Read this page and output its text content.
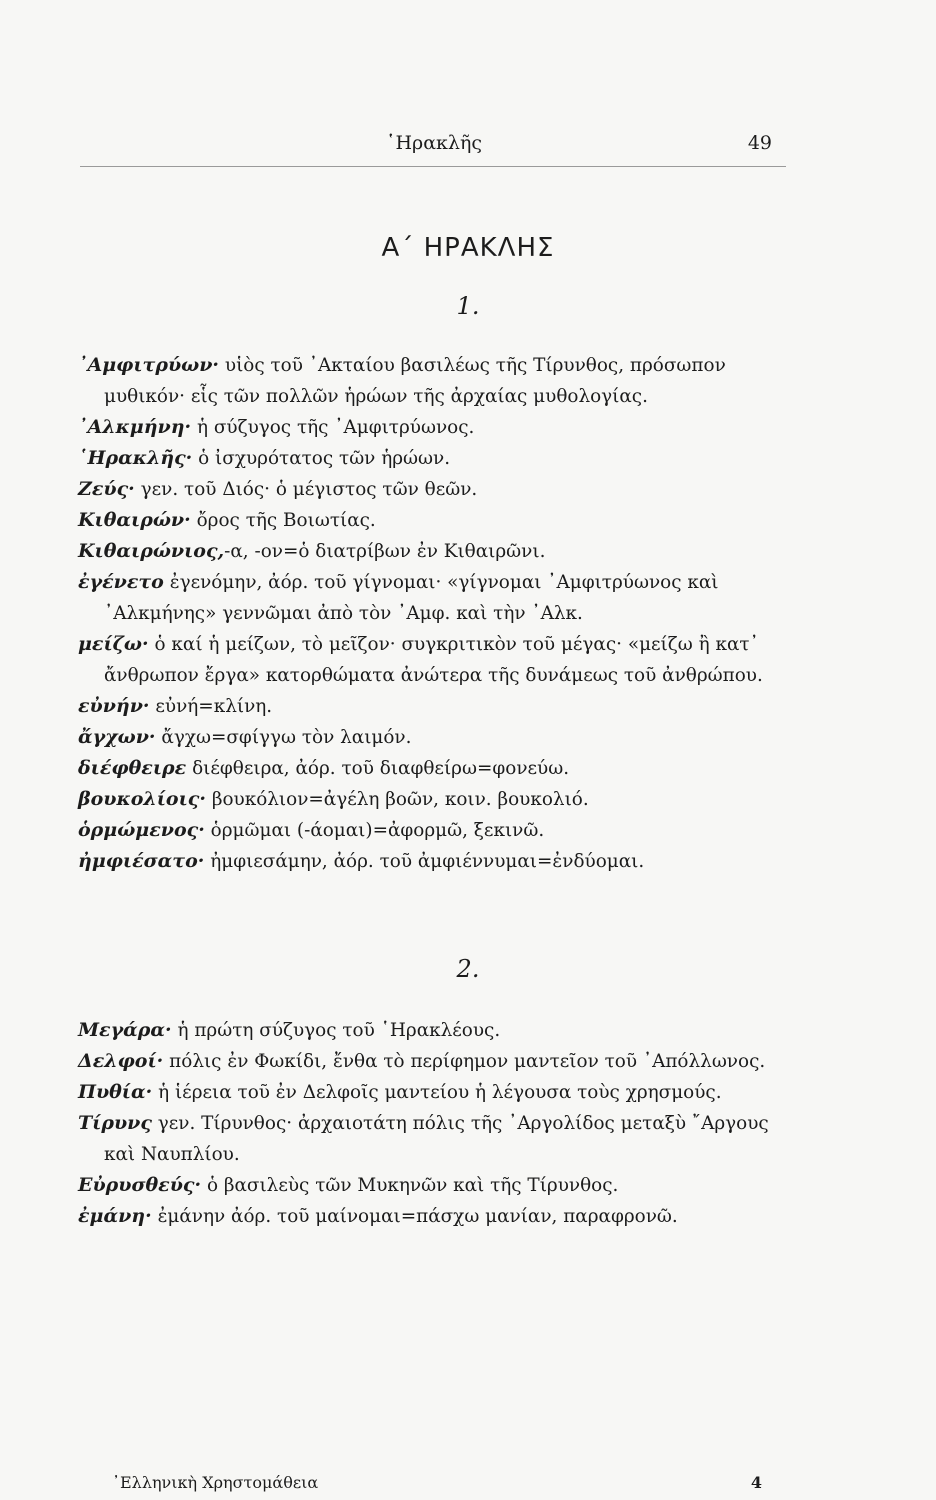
῾Ηρακλῆς	49
Α΄ ΗΡΑΚΛΗΣ
1.

᾿Αμφιτρύων· υἱὸς τοῦ ᾿Ακταίου βασιλέως τῆς Τίρυνθος, πρόσωπον μυθικόν· εἷς τῶν πολλῶν ἡρώων τῆς ἀρχαίας μυθολογίας.

᾿Αλκμήνη· ἡ σύζυγος τῆς ᾿Αμφιτρύωνος.

῾Ηρακλῆς· ὁ ἰσχυρότατος τῶν ἡρώων.

Ζεύς· γεν. τοῦ Διός· ὁ μέγιστος τῶν θεῶν.

Κιθαιρών· ὄρος τῆς Βοιωτίας.

Κιθαιρώνιος,-α, -ον=ὁ διατρίβων ἐν Κιθαιρῶνι.

ἐγένετο ἐγενόμην, ἀόρ. τοῦ γίγνομαι· «γίγνομαι ᾿Αμφιτρύωνος καὶ ᾿Αλκμήνης» γεννῶμαι ἀπὸ τὸν ᾿Αμφ. καὶ τὴν ᾿Αλκ.

μείζω· ὁ καί ἡ μείζων, τὸ μεῖζον· συγκριτικὸν τοῦ μέγας· «μείζω ἢ κατ᾿ ἄνθρωπον ἔργα» κατορθώματα ἀνώτερα τῆς δυνάμεως τοῦ ἀνθρώπου.

εὐνήν· εὐνή=κλίνη.

ἄγχων· ἄγχω=σφίγγω τὸν λαιμόν.

διέφθειρε διέφθειρα, ἀόρ. τοῦ διαφθείρω=φονεύω.

βουκολίοις· βουκόλιον=ἀγέλη βοῶν, κοιν. βουκολιό.

ὁρμώμενος· ὁρμῶμαι (-άομαι)=ἀφορμῶ, ξεκινῶ.

ἠμφιέσατο· ἠμφιεσάμην, ἀόρ. τοῦ ἀμφιέννυμαι=ἐνδύομαι.

2.

Μεγάρα· ἡ πρώτη σύζυγος τοῦ ῾Ηρακλέους.

Δελφοί· πόλις ἐν Φωκίδι, ἔνθα τὸ περίφημον μαντεῖον τοῦ ᾿Απόλλωνος.

Πυθία· ἡ ἱέρεια τοῦ ἐν Δελφοῖς μαντείου ἡ λέγουσα τοὺς χρησμούς.

Τίρυνς γεν. Τίρυνθος· ἀρχαιοτάτη πόλις τῆς ᾿Αργολίδος μεταξὺ ῎Αργους καὶ Ναυπλίου.

Εὐρυσθεύς· ὁ βασιλεὺς τῶν Μυκηνῶν καὶ τῆς Τίρυνθος.

ἐμάνη· ἐμάνην ἀόρ. τοῦ μαίνομαι=πάσχω μανίαν, παραφρονῶ.

᾿Ελληνικὴ Χρηστομάθεια	4
